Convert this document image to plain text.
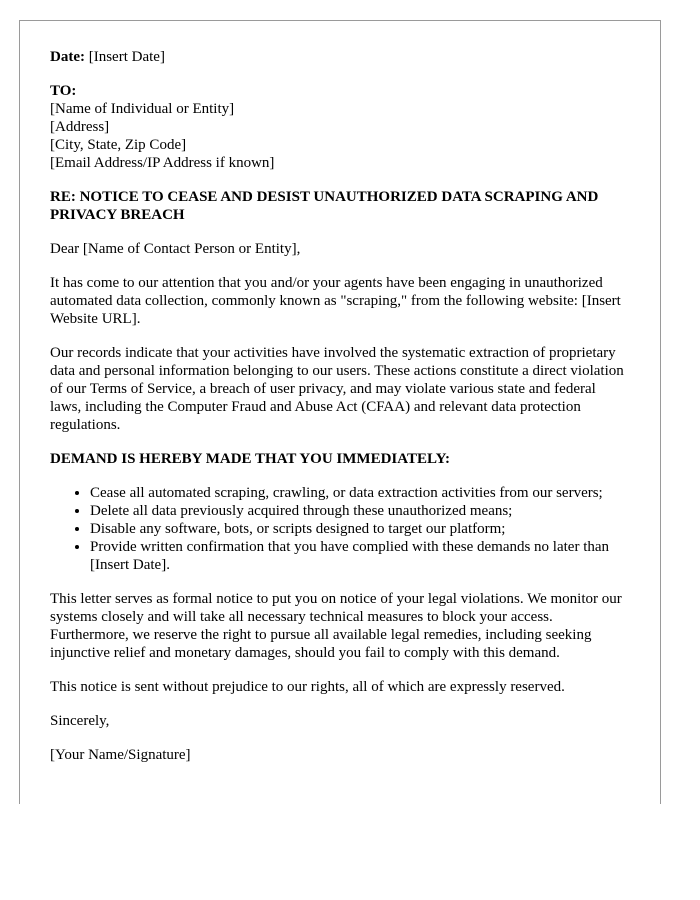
Date: [Insert Date]

TO:
[Name of Individual or Entity]
[Address]
[City, State, Zip Code]
[Email Address/IP Address if known]

RE: NOTICE TO CEASE AND DESIST UNAUTHORIZED DATA SCRAPING AND PRIVACY BREACH

Dear [Name of Contact Person or Entity],

It has come to our attention that you and/or your agents have been engaging in unauthorized automated data collection, commonly known as "scraping," from the following website: [Insert Website URL].

Our records indicate that your activities have involved the systematic extraction of proprietary data and personal information belonging to our users. These actions constitute a direct violation of our Terms of Service, a breach of user privacy, and may violate various state and federal laws, including the Computer Fraud and Abuse Act (CFAA) and relevant data protection regulations.

DEMAND IS HEREBY MADE THAT YOU IMMEDIATELY:

• Cease all automated scraping, crawling, or data extraction activities from our servers;
• Delete all data previously acquired through these unauthorized means;
• Disable any software, bots, or scripts designed to target our platform;
• Provide written confirmation that you have complied with these demands no later than [Insert Date].

This letter serves as formal notice to put you on notice of your legal violations. We monitor our systems closely and will take all necessary technical measures to block your access. Furthermore, we reserve the right to pursue all available legal remedies, including seeking injunctive relief and monetary damages, should you fail to comply with this demand.

This notice is sent without prejudice to our rights, all of which are expressly reserved.

Sincerely,

[Your Name/Signature]
